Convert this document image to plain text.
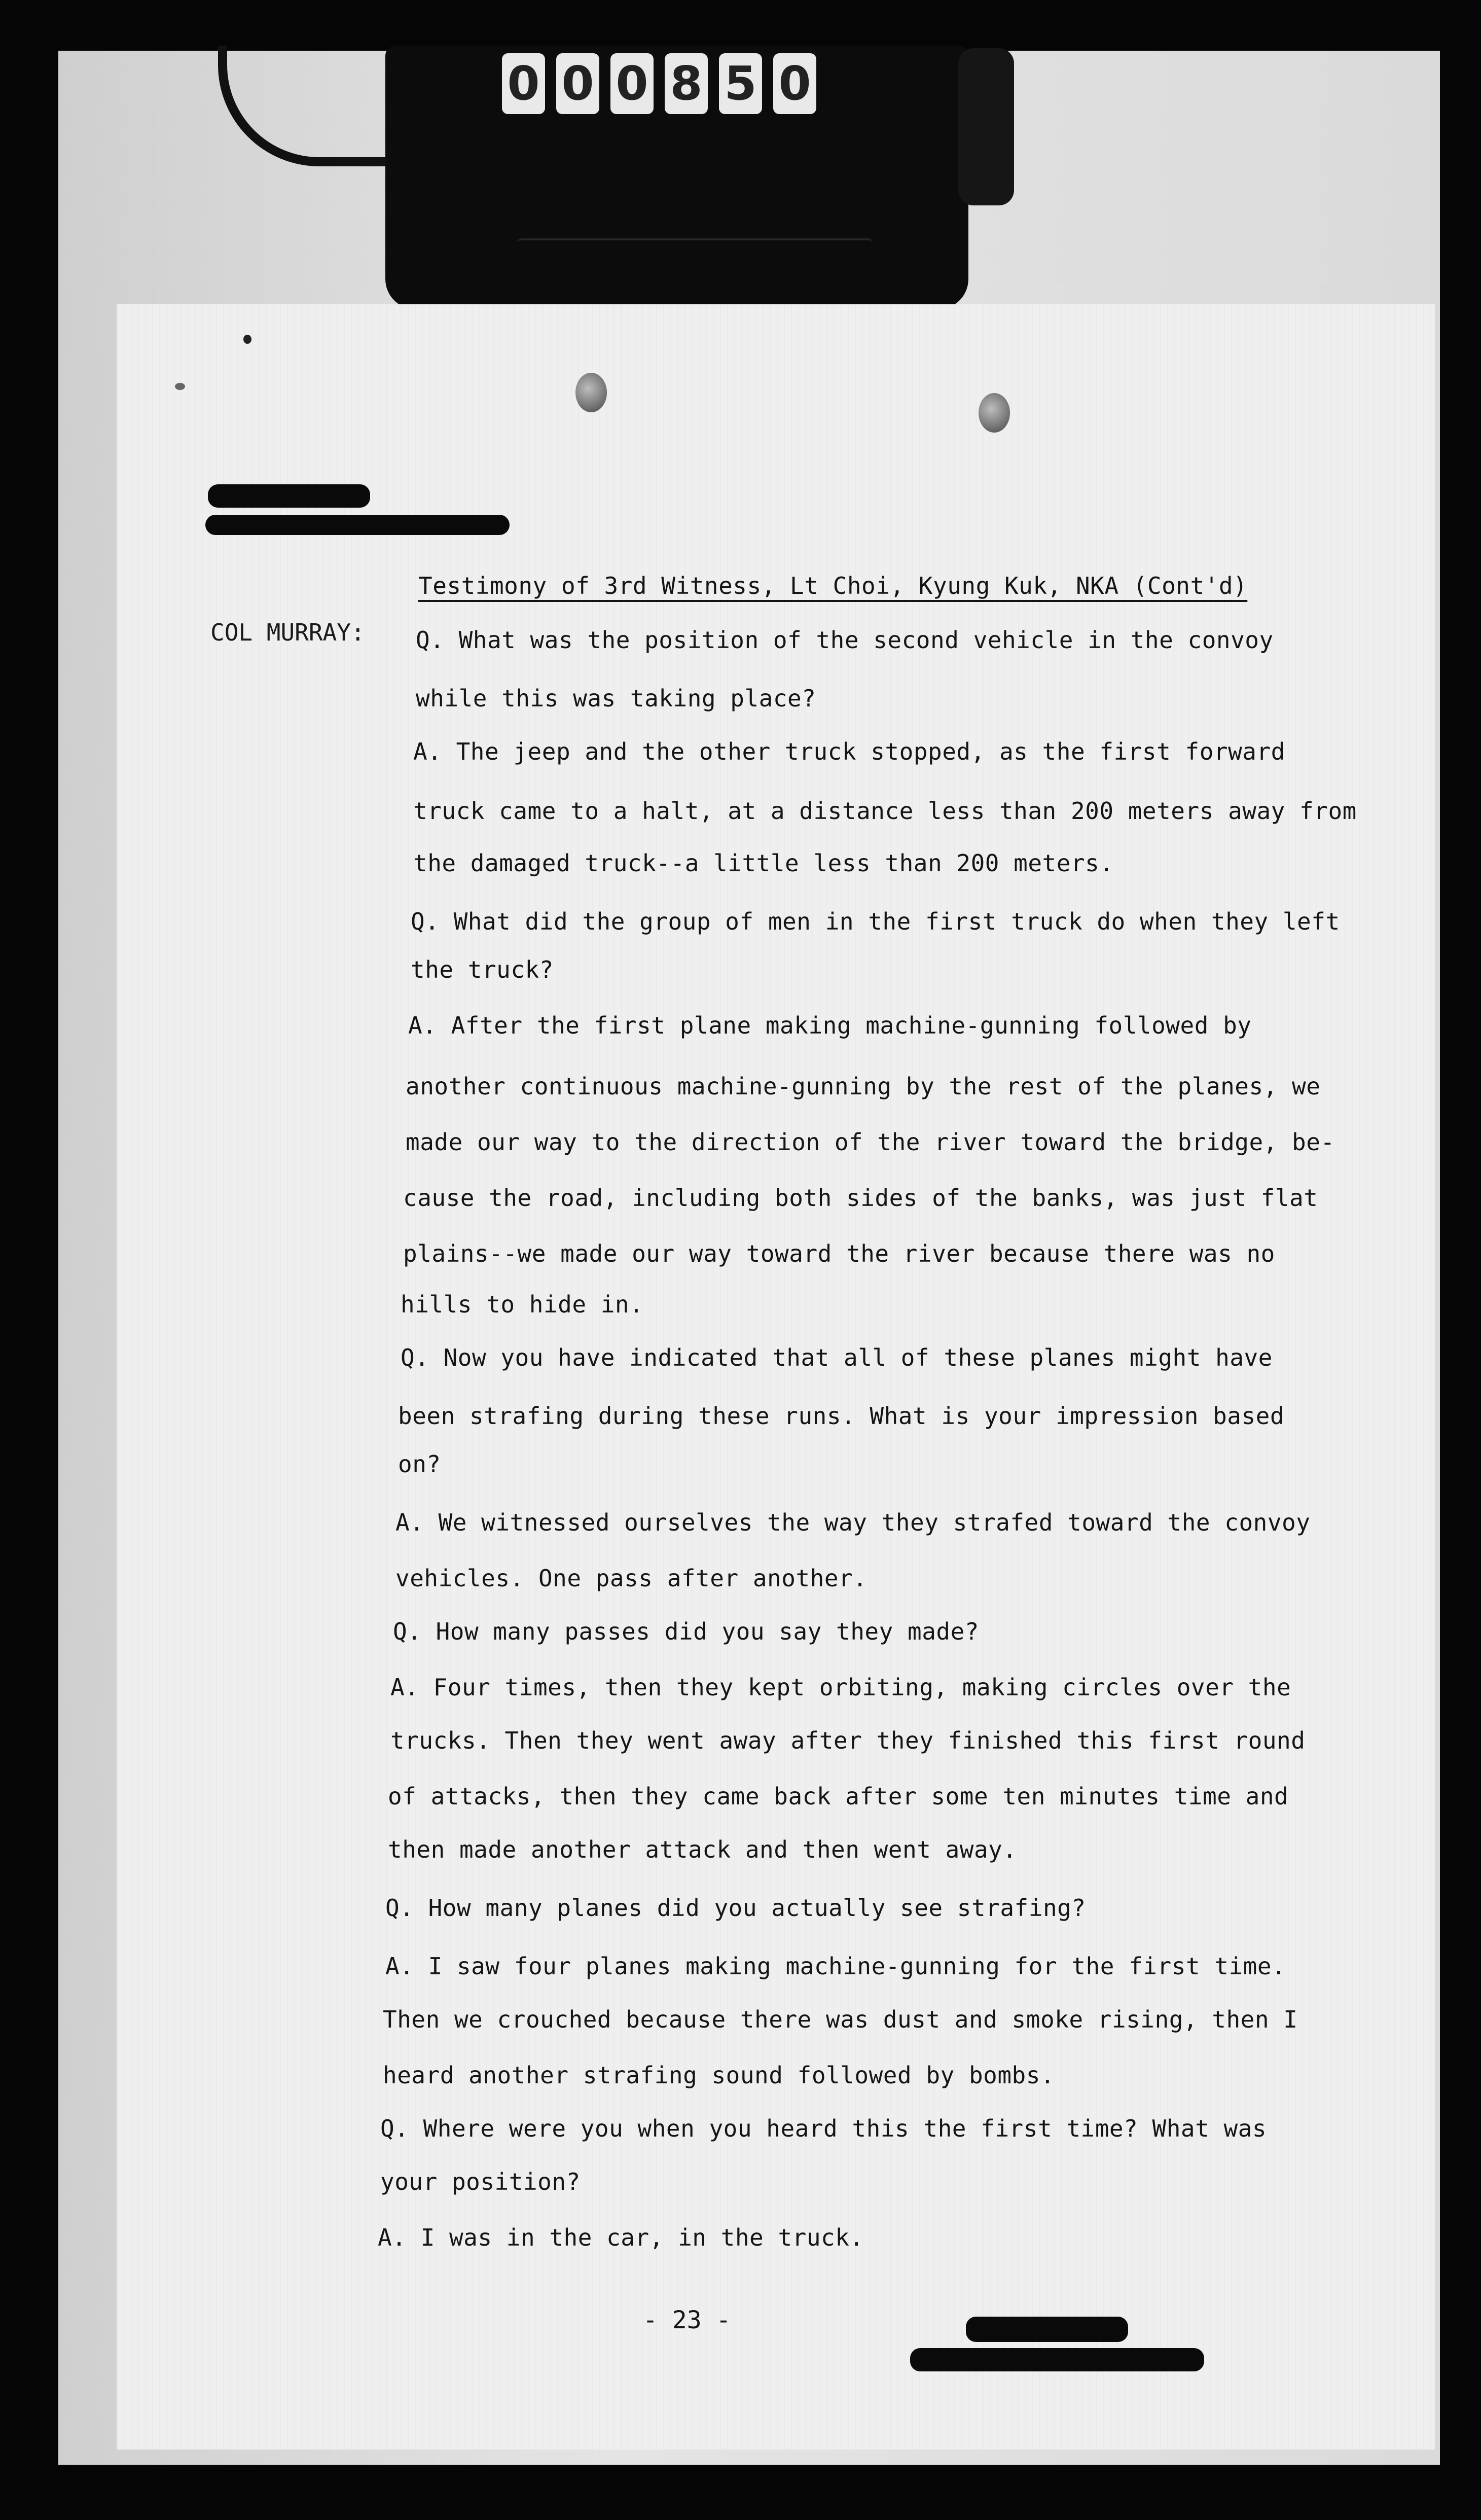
0 0 0 8 5 0
Testimony of 3rd Witness, Lt Choi, Kyung Kuk, NKA (Cont'd)
COL MURRAY: Q. What was the position of the second vehicle in the convoy
while this was taking place?
A. The jeep and the other truck stopped, as the first forward
truck came to a halt, at a distance less than 200 meters away from
the damaged truck--a little less than 200 meters.
Q. What did the group of men in the first truck do when they left
the truck?
A. After the first plane making machine-gunning followed by
another continuous machine-gunning by the rest of the planes, we
made our way to the direction of the river toward the bridge, be-
cause the road, including both sides of the banks, was just flat
plains--we made our way toward the river because there was no
hills to hide in.
Q. Now you have indicated that all of these planes might have
been strafing during these runs. What is your impression based
on?
A. We witnessed ourselves the way they strafed toward the convoy
vehicles. One pass after another.
Q. How many passes did you say they made?
A. Four times, then they kept orbiting, making circles over the
trucks. Then they went away after they finished this first round
of attacks, then they came back after some ten minutes time and
then made another attack and then went away.
Q. How many planes did you actually see strafing?
A. I saw four planes making machine-gunning for the first time.
Then we crouched because there was dust and smoke rising, then I
heard another strafing sound followed by bombs.
Q. Where were you when you heard this the first time? What was
your position?
A. I was in the car, in the truck.
- 23 -
